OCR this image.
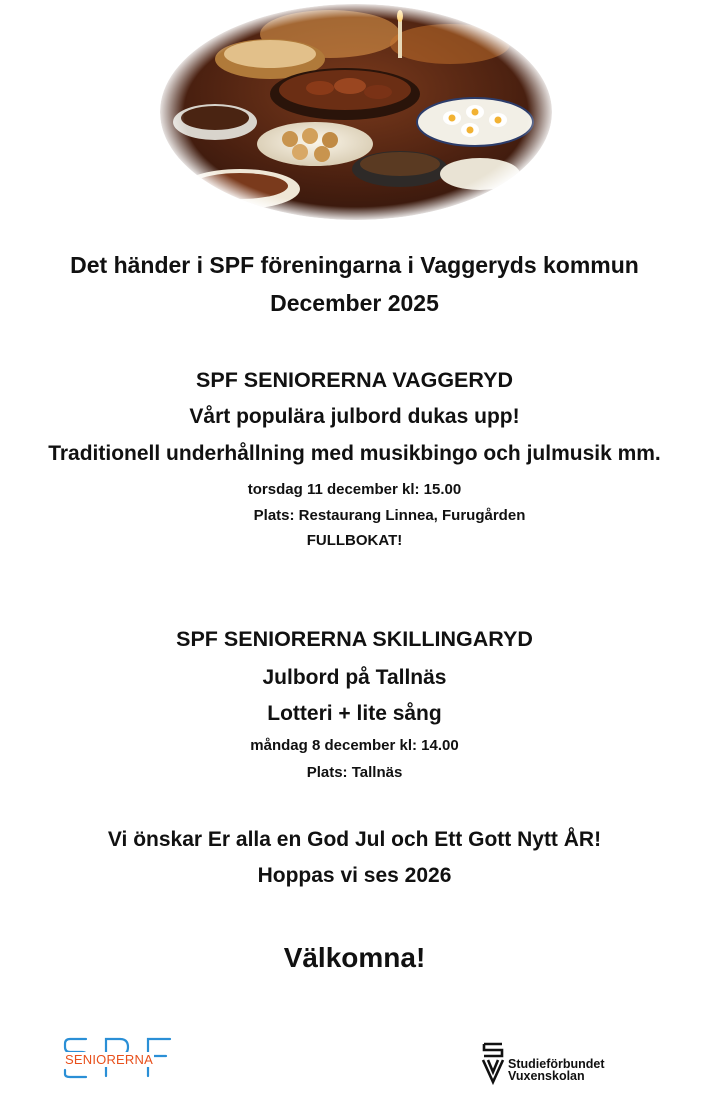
Det händer i SPF föreningarna i Vaggeryds kommun
December 2025
SPF SENIORERNA VAGGERYD
Vårt populära julbord dukas upp!
Traditionell underhållning med musikbingo och julmusik mm.
torsdag 11 december kl: 15.00
Plats: Restaurang Linnea, Furugården
FULLBOKAT!
SPF SENIORERNA SKILLINGARYD
Julbord på Tallnäs
Lotteri + lite sång
måndag 8 december kl: 14.00
Plats: Tallnäs
Vi önskar Er alla en God Jul och Ett Gott Nytt ÅR!
Hoppas vi ses 2026
Välkomna!
SENIORERNA	Studieförbundet
Vuxenskolan
